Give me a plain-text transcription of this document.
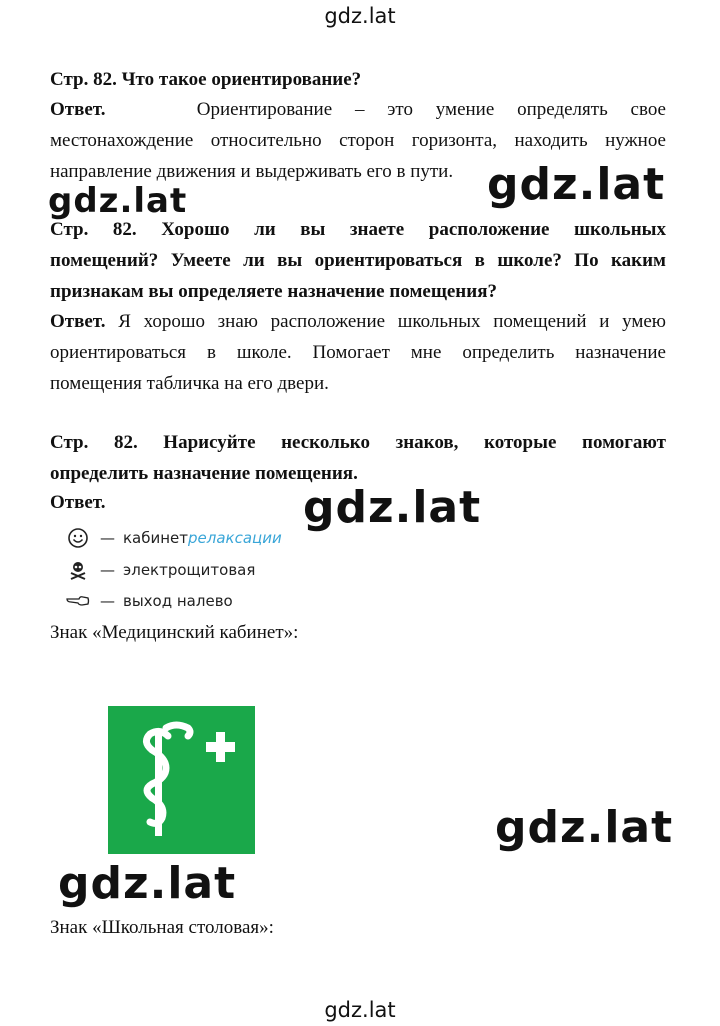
gdz.lat
Стр. 82. Что такое ориентирование?
Ответ.	Ориентирование – это умение определять свое
местонахождение относительно сторон горизонта, находить нужное
направление движения и выдерживать его в пути.
Стр. 82. Хорошо ли вы знаете расположение школьных
помещений? Умеете ли вы ориентироваться в школе? По каким
признакам вы определяете назначение помещения?
Ответ. Я хорошо знаю расположение школьных помещений и умею
ориентироваться в школе. Помогает мне определить назначение
помещения табличка на его двери.
Стр. 82. Нарисуйте несколько знаков, которые помогают
определить назначение помещения.
Ответ.
— кабинет релаксации
— электрощитовая
— выход налево
Знак «Медицинский кабинет»:
Знак «Школьная столовая»:
gdz.lat	gdz.lat
gdz.lat
gdz.lat
gdz.lat
gdz.lat
